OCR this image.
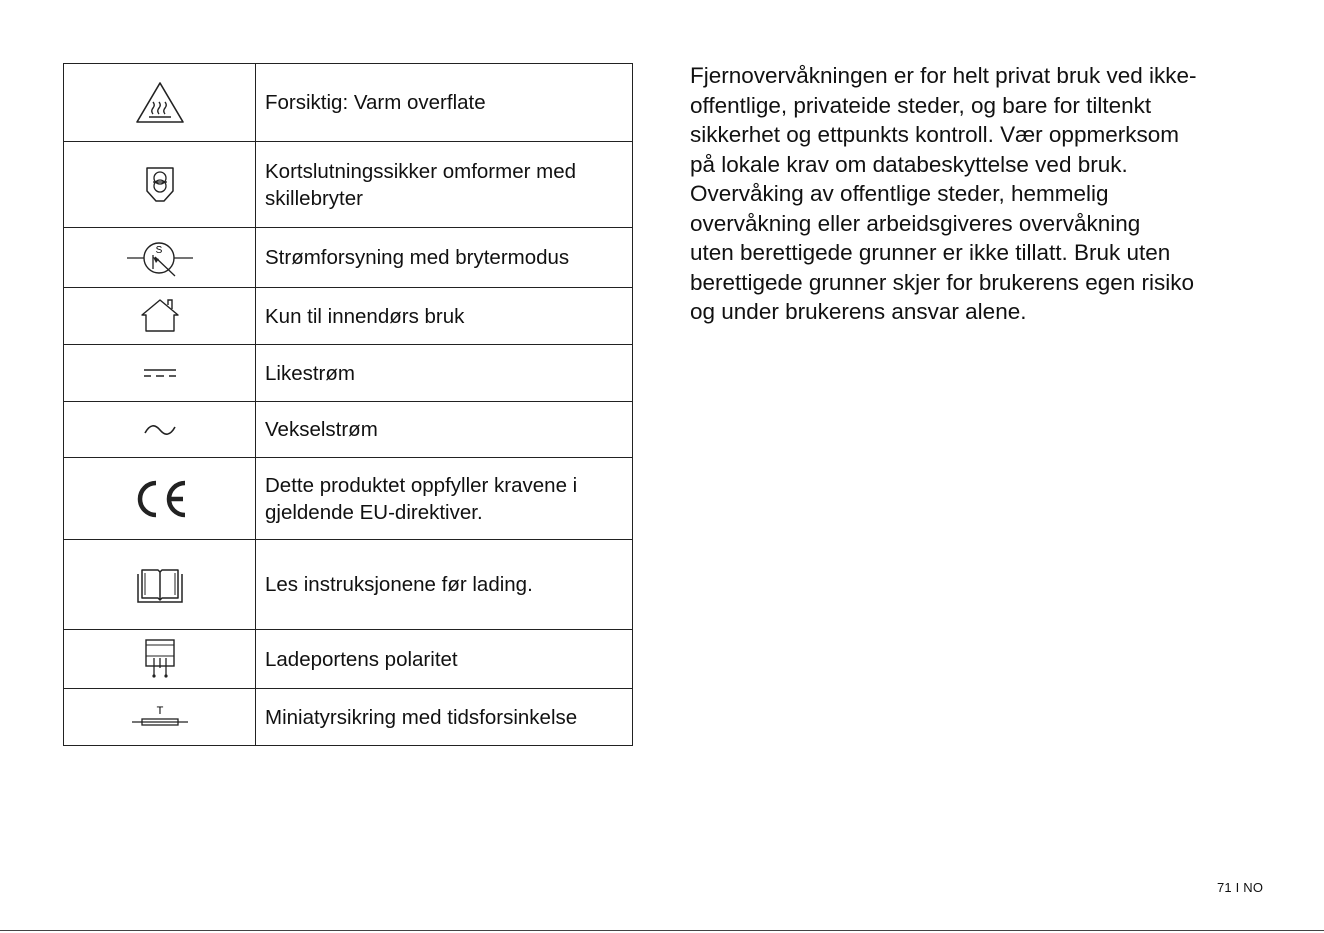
	Forsiktig: Varm overflate

	Kortslutningssikker omformer med skillebryter

S	Strømforsyning med brytermodus

	Kun til innendørs bruk

	Likestrøm

	Vekselstrøm

	Dette produktet oppfyller kravene i gjeldende EU-direktiver.

	Les instruksjonene før lading.

	Ladeportens polaritet

T	Miniatyrsikring med tidsforsinkelse

Fjernovervåkningen er for helt privat bruk ved ikke-
offentlige, privateide steder, og bare for tiltenkt
sikkerhet og ettpunkts kontroll. Vær oppmerksom
på lokale krav om databeskyttelse ved bruk.
Overvåking av offentlige steder, hemmelig
overvåkning eller arbeidsgiveres overvåkning
uten berettigede grunner er ikke tillatt. Bruk uten
berettigede grunner skjer for brukerens egen risiko
og under brukerens ansvar alene.

71 I NO
